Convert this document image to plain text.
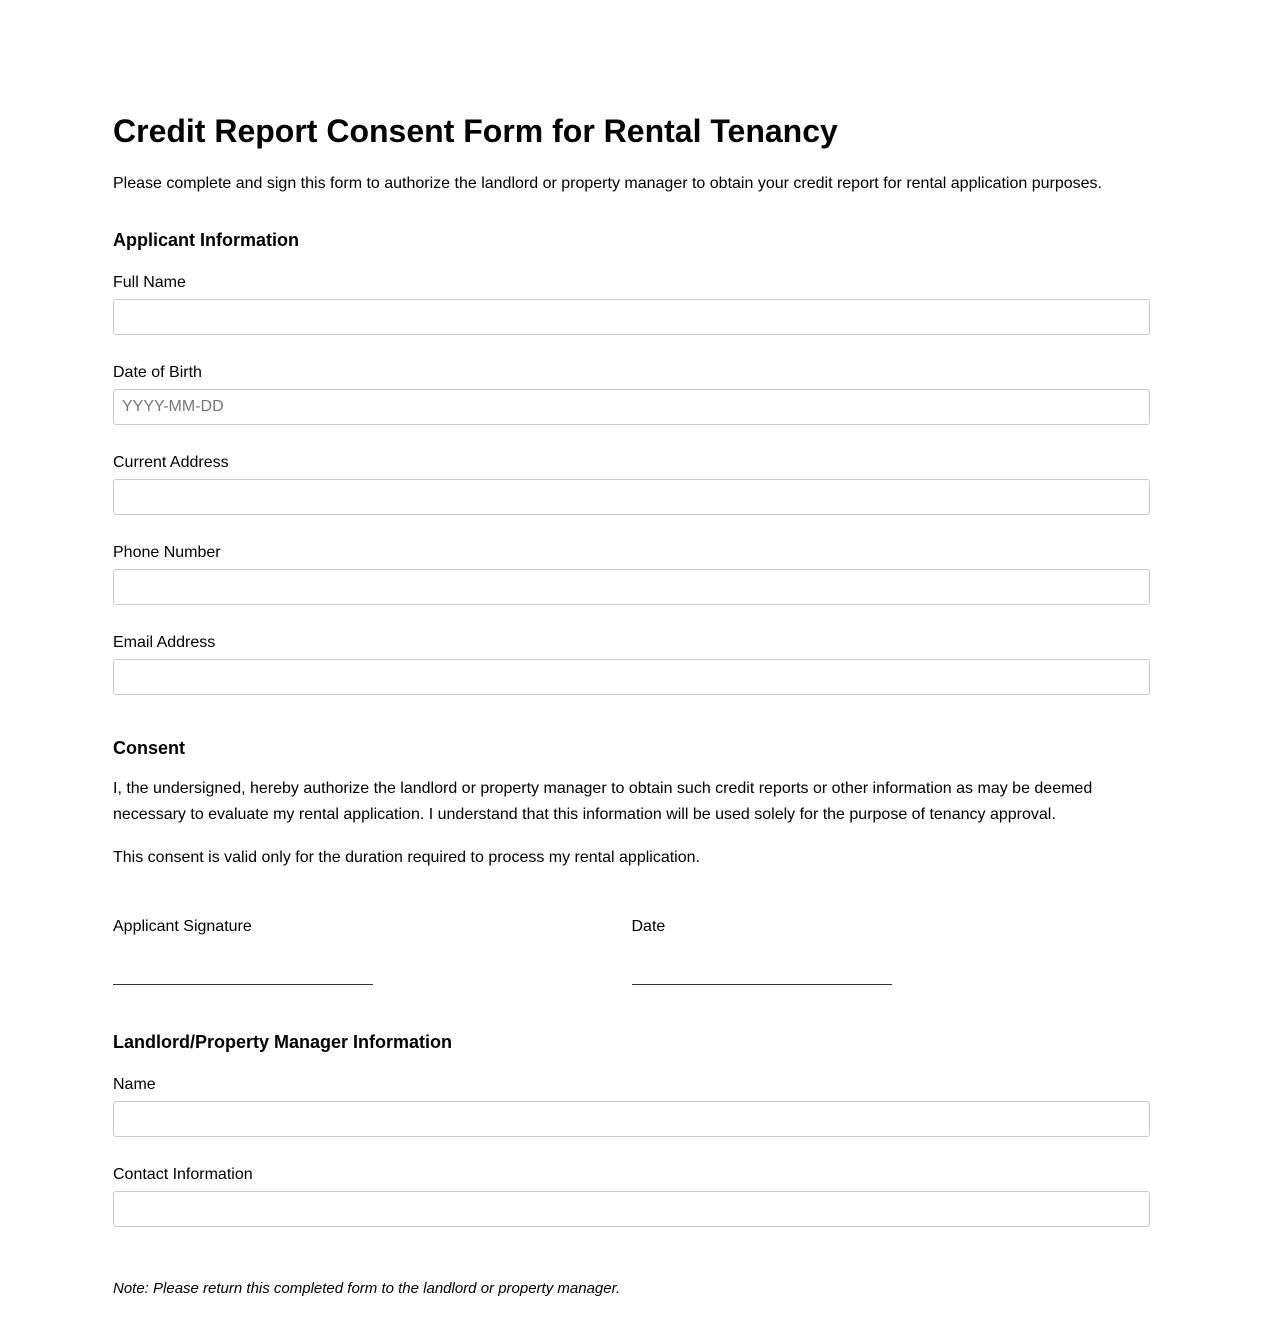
Credit Report Consent Form for Rental Tenancy

Please complete and sign this form to authorize the landlord or property manager to obtain your credit report for rental application purposes.

Applicant Information
Full Name
Date of Birth
YYYY-MM-DD
Current Address
Phone Number
Email Address
Consent

I, the undersigned, hereby authorize the landlord or property manager to obtain such credit reports or other information as may be deemed necessary to evaluate my rental application. I understand that this information will be used solely for the purpose of tenancy approval.

This consent is valid only for the duration required to process my rental application.

Applicant Signature	Date
Landlord/Property Manager Information
Name
Contact Information

Note: Please return this completed form to the landlord or property manager.
